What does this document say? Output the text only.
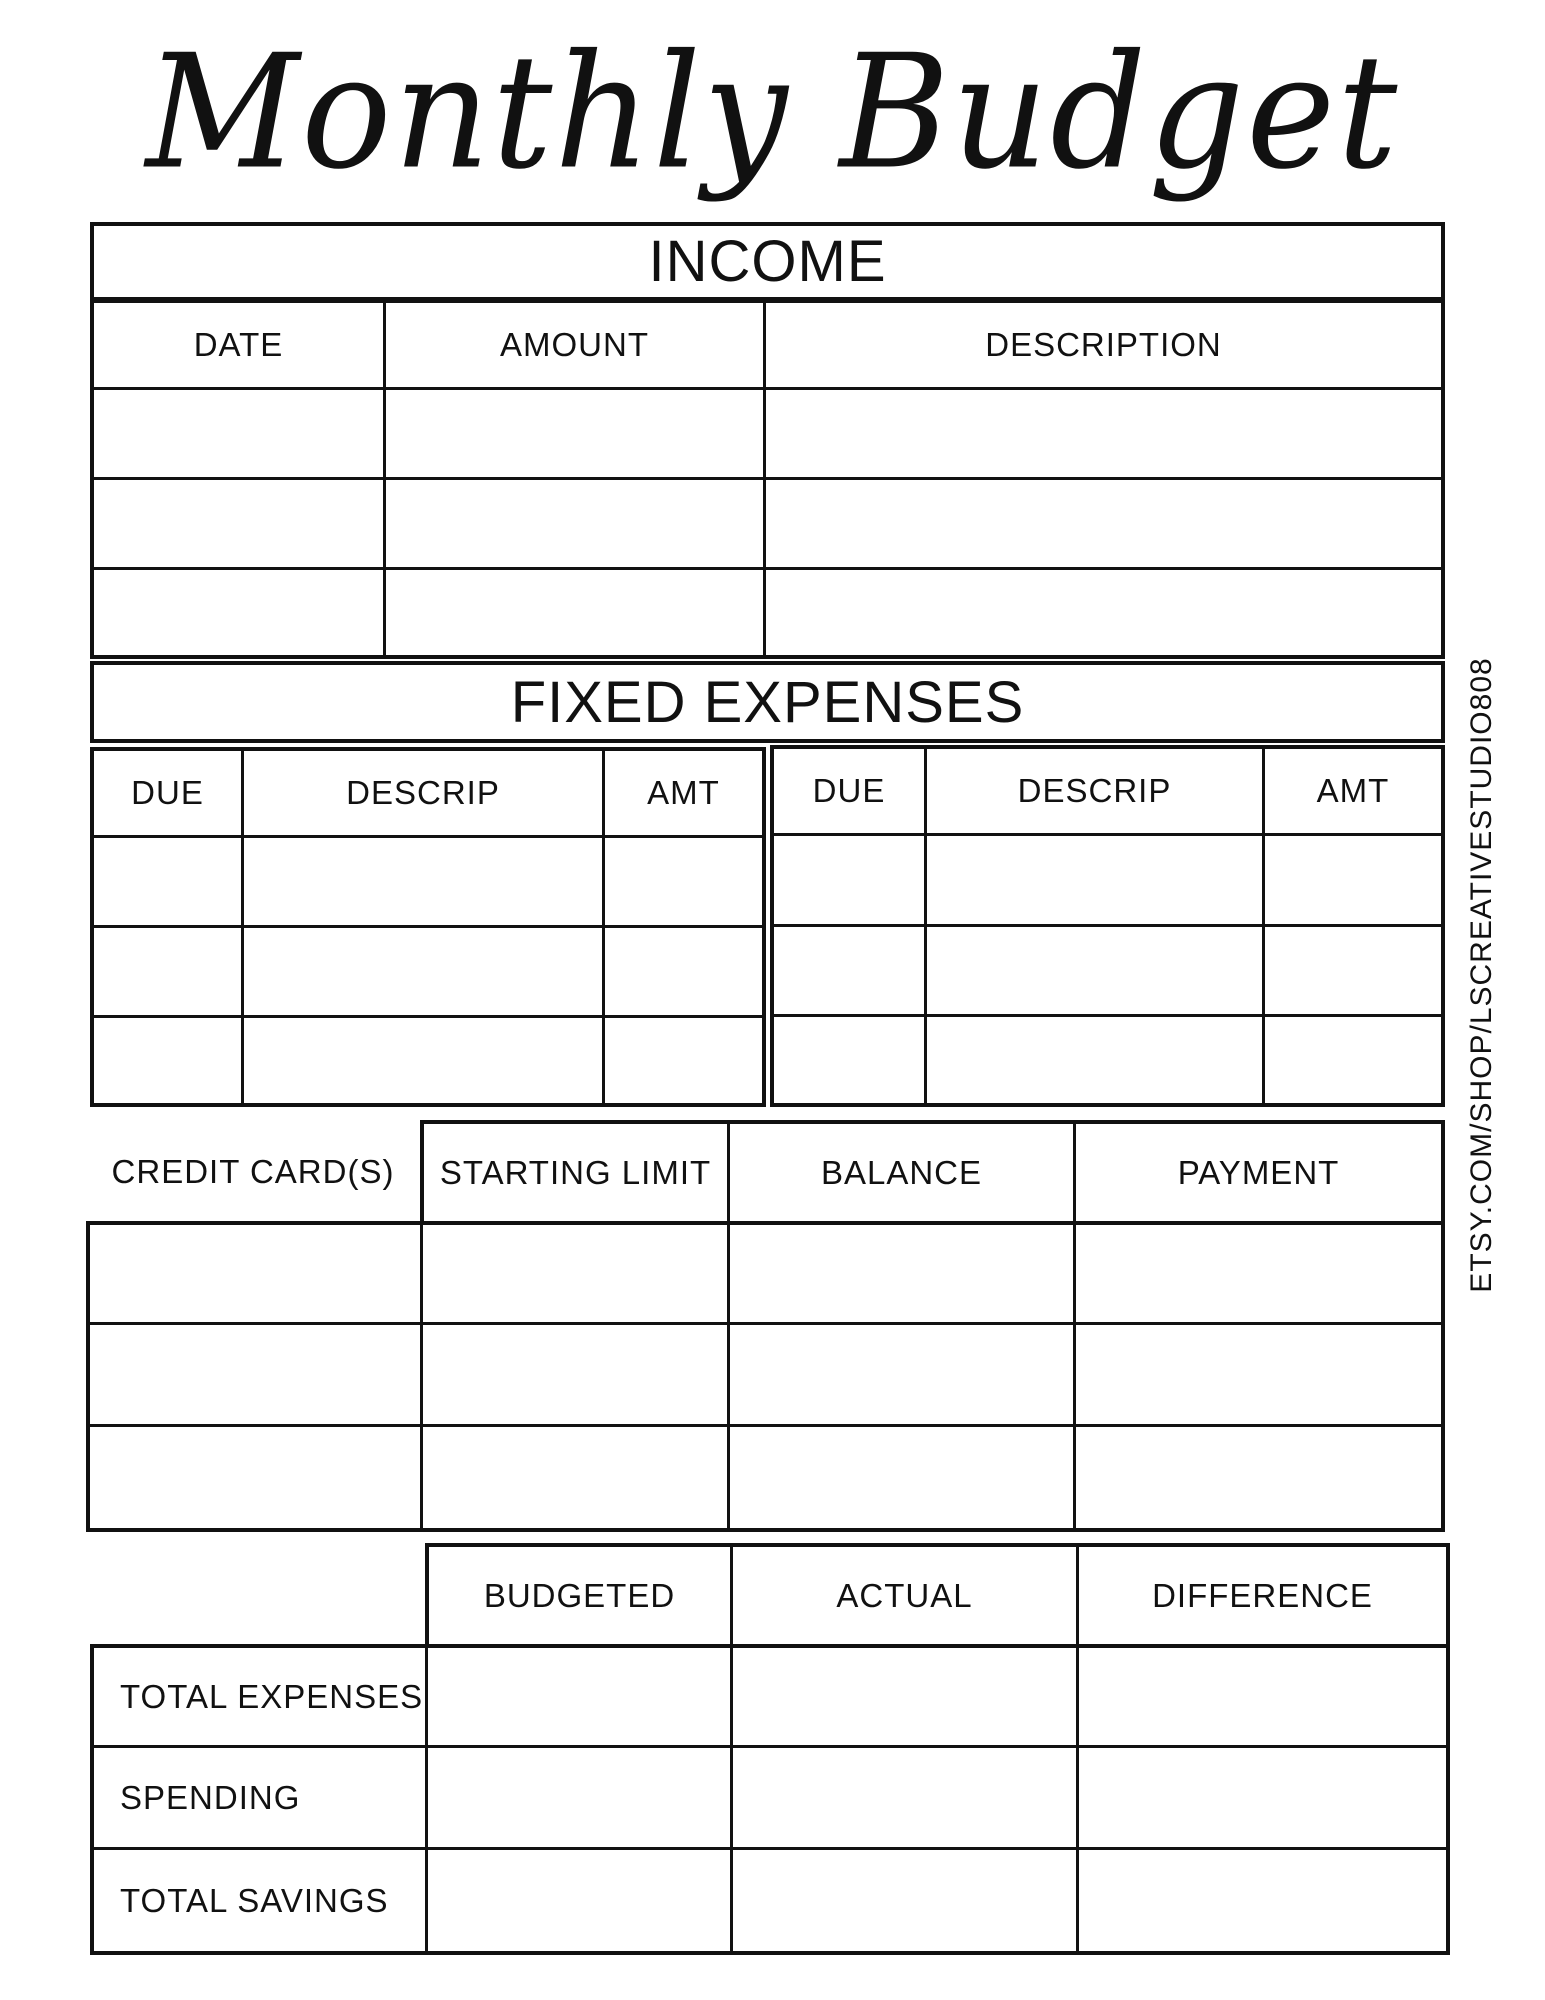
Monthly Budget
INCOME
DATE	AMOUNT	DESCRIPTION
FIXED EXPENSES
DUE	DESCRIP	AMT	DUE	DESCRIP	AMT
CREDIT CARD(S)	STARTING LIMIT	BALANCE	PAYMENT
BUDGETED	ACTUAL	DIFFERENCE
TOTAL EXPENSES
SPENDING
TOTAL SAVINGS
ETSY.COM/SHOP/LSCREATIVESTUDIO808
